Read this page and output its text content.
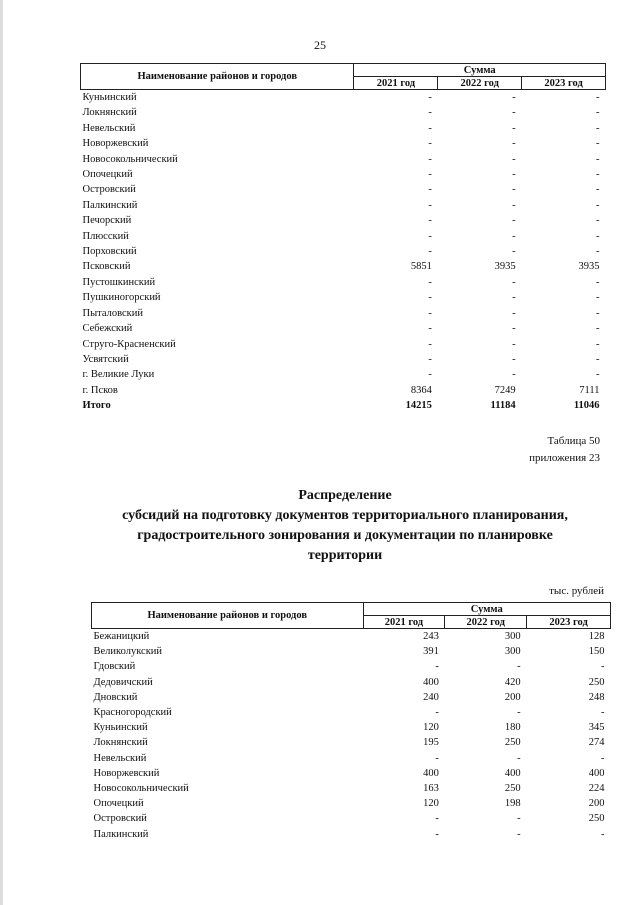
25
Наименование районов и городов	Сумма		
	2021 год	2022 год	2023 год
Куньинский	-	-	-
Локнянский	-	-	-
Невельский	-	-	-
Новоржевский	-	-	-
Новосокольнический	-	-	-
Опочецкий	-	-	-
Островский	-	-	-
Палкинский	-	-	-
Печорский	-	-	-
Плюсский	-	-	-
Порховский	-	-	-
Псковский	5851	3935	3935
Пустошкинский	-	-	-
Пушкиногорский	-	-	-
Пыталовский	-	-	-
Себежский	-	-	-
Струго-Красненский	-	-	-
Усвятский	-	-	-
г. Великие Луки	-	-	-
г. Псков	8364	7249	7111
Итого	14215	11184	11046
Таблица 50
приложения 23
Распределение
субсидий на подготовку документов территориального планирования,
градостроительного зонирования и документации по планировке
территории
тыс. рублей
Наименование районов и городов	Сумма		
	2021 год	2022 год	2023 год
Бежаницкий	243	300	128
Великолукский	391	300	150
Гдовский	-	-	-
Дедовичский	400	420	250
Дновский	240	200	248
Красногородский	-	-	-
Куньинский	120	180	345
Локнянский	195	250	274
Невельский	-	-	-
Новоржевский	400	400	400
Новосокольнический	163	250	224
Опочецкий	120	198	200
Островский	-	-	250
Палкинский	-	-	-
